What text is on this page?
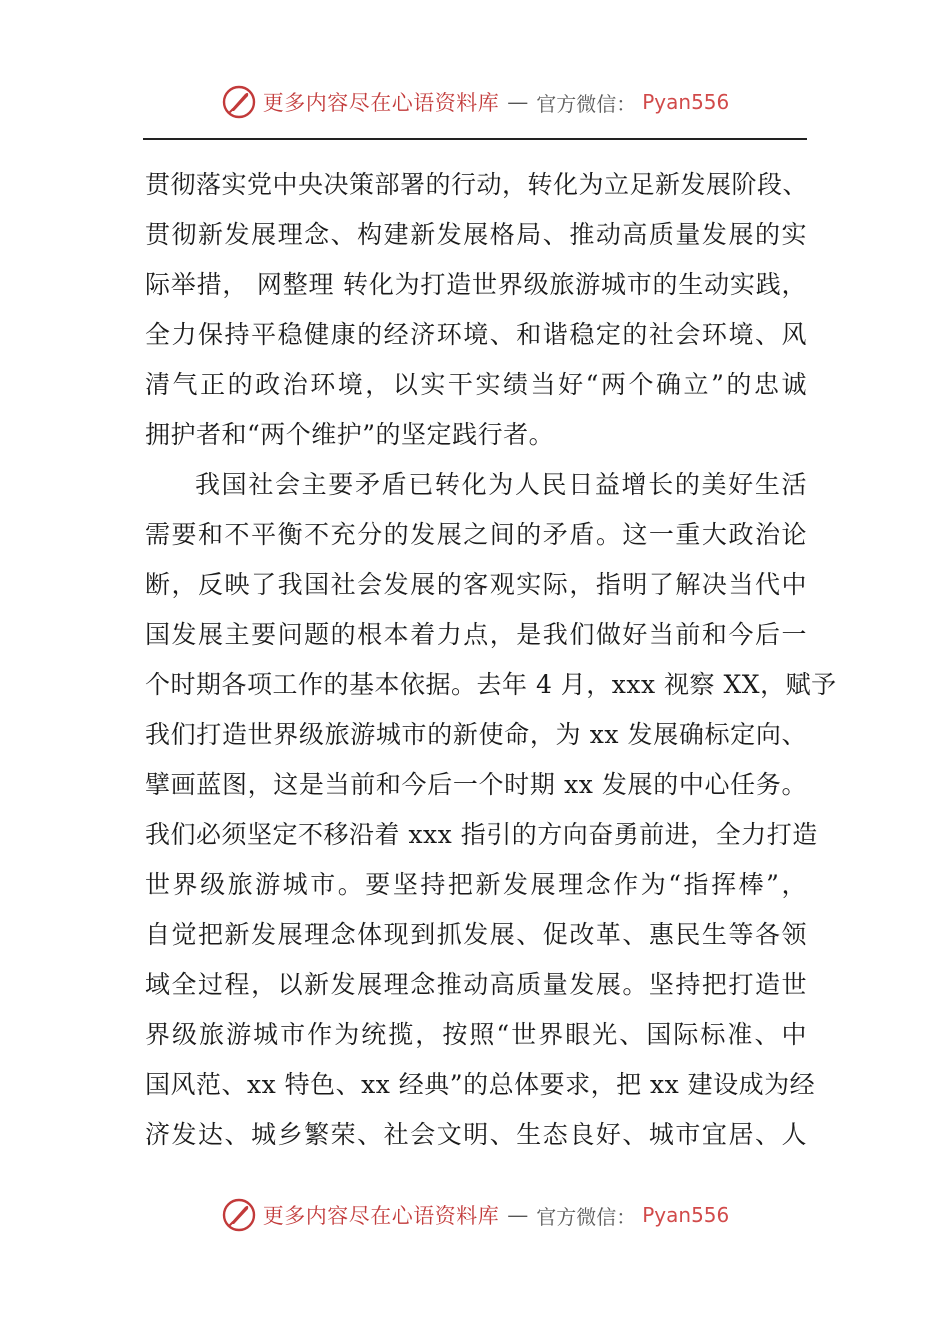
更多内容尽在心语资料库 — 官方微信： Pyan556
贯彻落实党中央决策部署的行动，转化为立足新发展阶段、
贯彻新发展理念、构建新发展格局、推动高质量发展的实
际举措， 网整理 转化为打造世界级旅游城市的生动实践，
全力保持平稳健康的经济环境、和谐稳定的社会环境、风
清气正的政治环境，以实干实绩当好“两个确立”的忠诚
拥护者和“两个维护”的坚定践行者。
我国社会主要矛盾已转化为人民日益增长的美好生活
需要和不平衡不充分的发展之间的矛盾。这一重大政治论
断，反映了我国社会发展的客观实际，指明了解决当代中
国发展主要问题的根本着力点，是我们做好当前和今后一
个时期各项工作的基本依据。去年 4 月，xxx 视察 XX，赋予
我们打造世界级旅游城市的新使命，为 xx 发展确标定向、
擘画蓝图，这是当前和今后一个时期 xx 发展的中心任务。
我们必须坚定不移沿着 xxx 指引的方向奋勇前进，全力打造
世界级旅游城市。要坚持把新发展理念作为“指挥棒”，
自觉把新发展理念体现到抓发展、促改革、惠民生等各领
域全过程，以新发展理念推动高质量发展。坚持把打造世
界级旅游城市作为统揽，按照“世界眼光、国际标准、中
国风范、xx 特色、xx 经典”的总体要求，把 xx 建设成为经
济发达、城乡繁荣、社会文明、生态良好、城市宜居、人
更多内容尽在心语资料库 — 官方微信： Pyan556
